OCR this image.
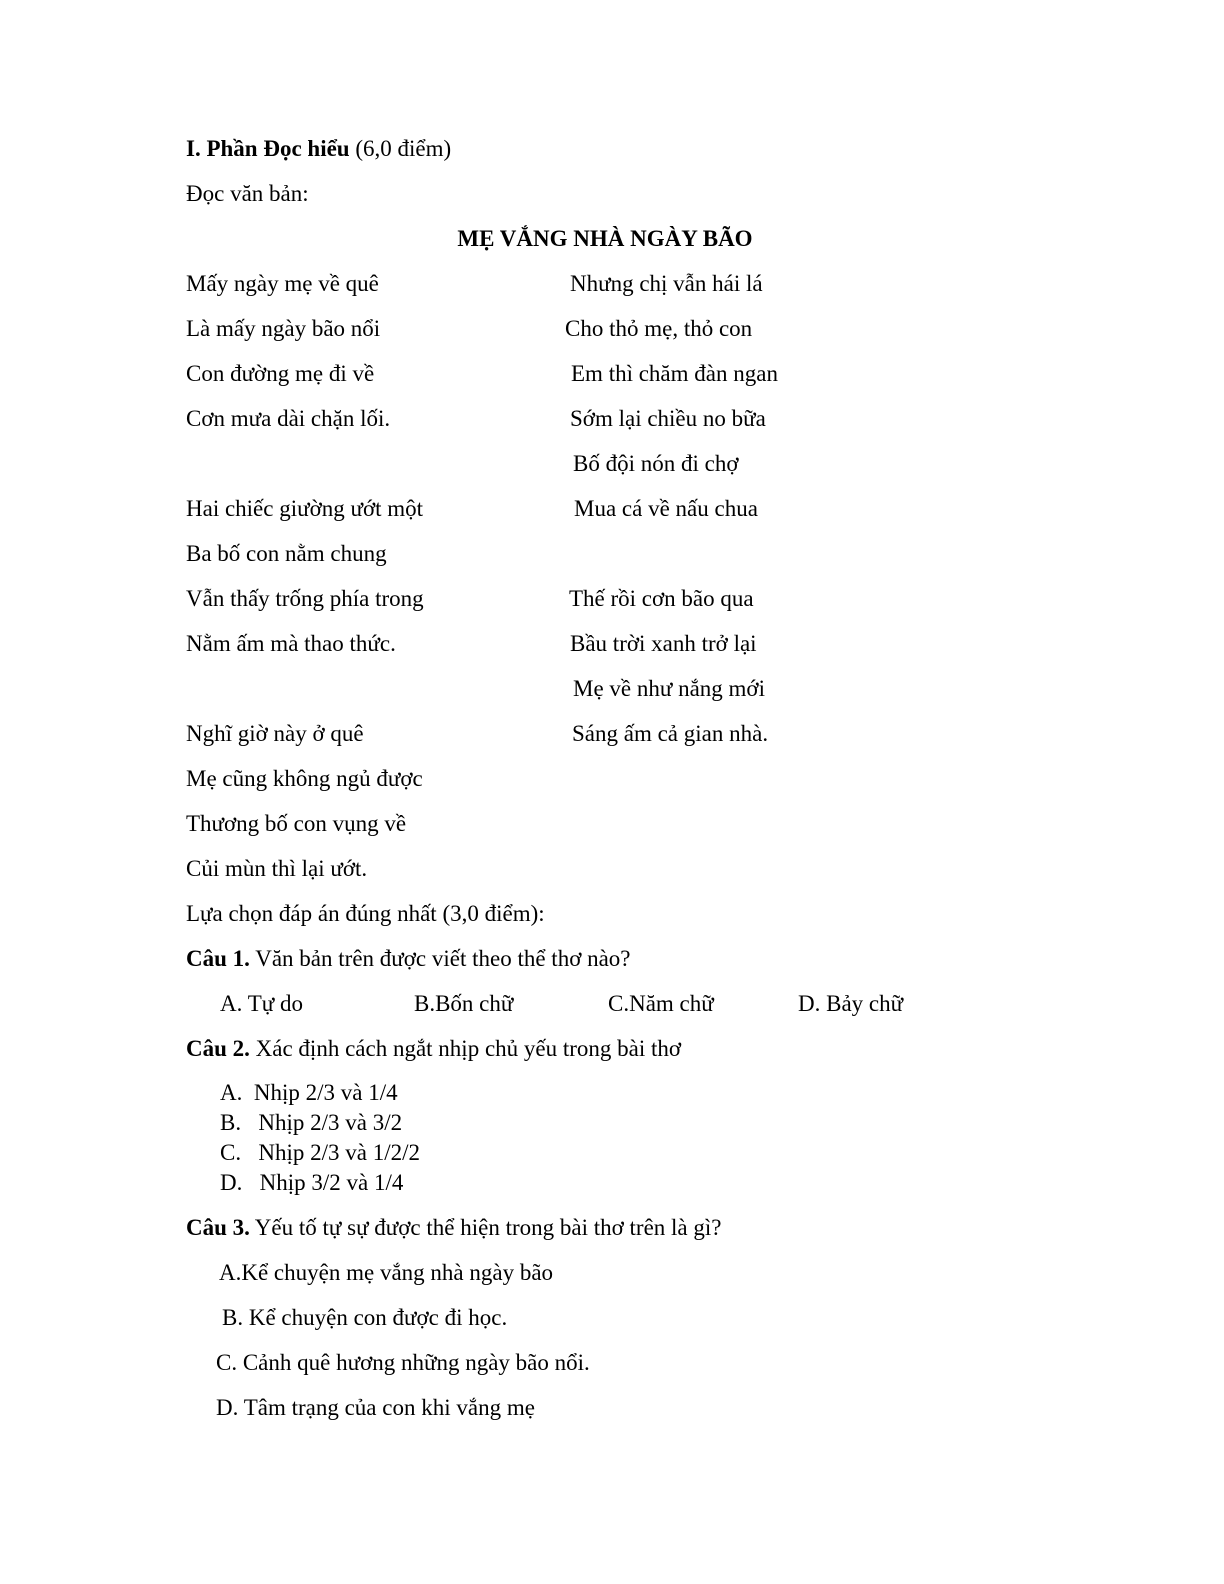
I. Phần Đọc hiểu (6,0 điểm)
Đọc văn bản:
MẸ VẮNG NHÀ NGÀY BÃO
Mấy ngày mẹ về quê
Là mấy ngày bão nổi
Con đường mẹ đi về
Cơn mưa dài chặn lối.
Hai chiếc giường ướt một
Ba bố con nằm chung
Vẫn thấy trống phía trong
Nằm ấm mà thao thức.
Nghĩ giờ này ở quê
Mẹ cũng không ngủ được
Thương bố con vụng về
Củi mùn thì lại ướt.
Nhưng chị vẫn hái lá
Cho thỏ mẹ, thỏ con
Em thì chăm đàn ngan
Sớm lại chiều no bữa
Bố đội nón đi chợ
Mua cá về nấu chua
Thế rồi cơn bão qua
Bầu trời xanh trở lại
Mẹ về như nắng mới
Sáng ấm cả gian nhà.
Lựa chọn đáp án đúng nhất (3,0 điểm):
Câu 1. Văn bản trên được viết theo thể thơ nào?
A. Tự do	B.Bốn chữ	C.Năm chữ	D. Bảy chữ
Câu 2. Xác định cách ngắt nhịp chủ yếu trong bài thơ
A.  Nhịp 2/3 và 1/4
B.   Nhịp 2/3 và 3/2
C.   Nhịp 2/3 và 1/2/2
D.   Nhịp 3/2 và 1/4
Câu 3. Yếu tố tự sự được thể hiện trong bài thơ trên là gì?
A.Kể chuyện mẹ vắng nhà ngày bão
B. Kể chuyện con được đi học.
C. Cảnh quê hương những ngày bão nổi.
D. Tâm trạng của con khi vắng mẹ
